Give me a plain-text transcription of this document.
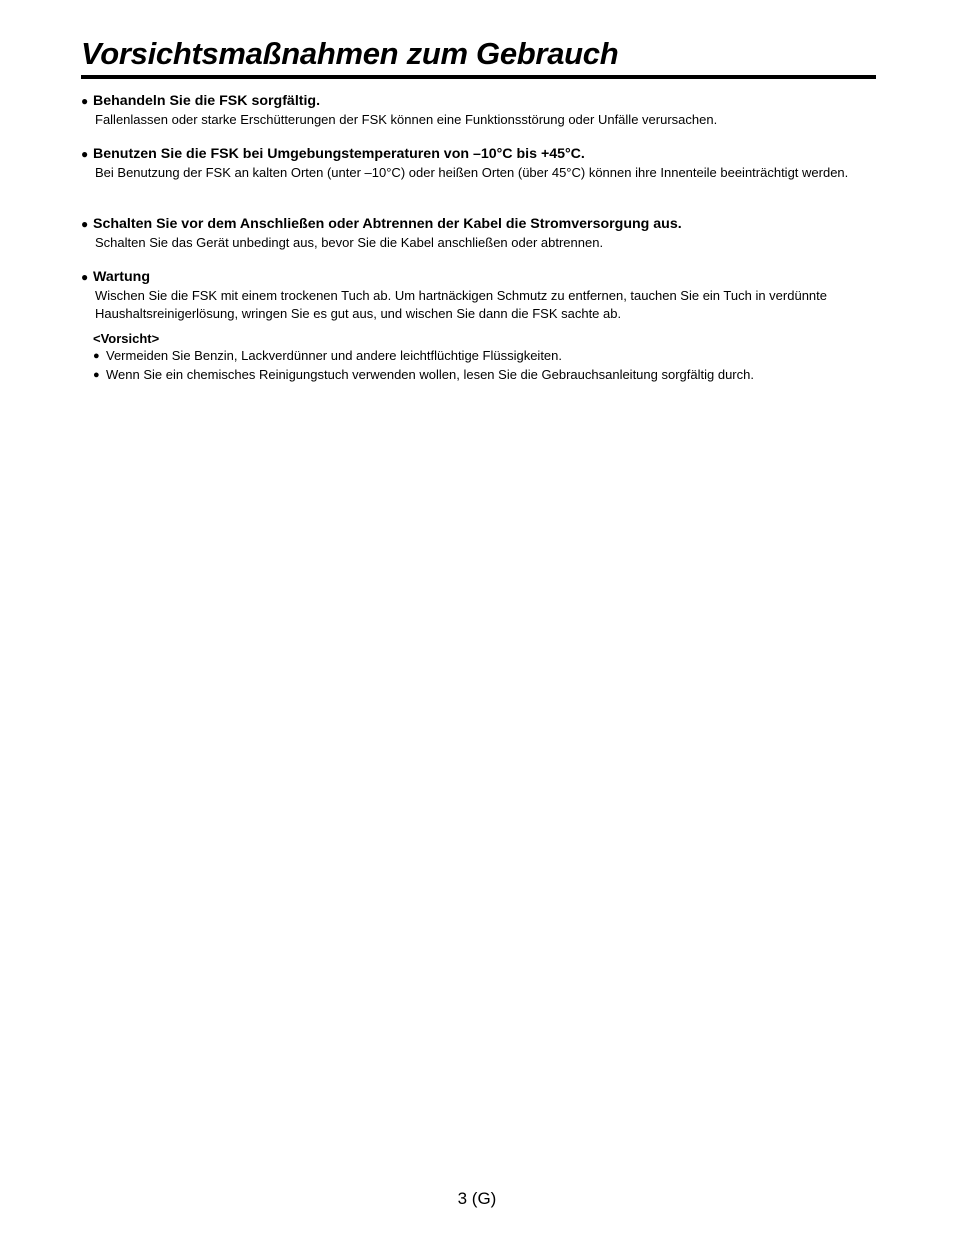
Vorsichtsmaßnahmen zum Gebrauch
● Behandeln Sie die FSK sorgfältig.
Fallenlassen oder starke Erschütterungen der FSK können eine Funktionsstörung oder Unfälle verursachen.
● Benutzen Sie die FSK bei Umgebungstemperaturen von –10°C bis +45°C.
Bei Benutzung der FSK an kalten Orten (unter –10°C) oder heißen Orten (über 45°C) können ihre Innenteile beeinträchtigt werden.
● Schalten Sie vor dem Anschließen oder Abtrennen der Kabel die Stromversorgung aus.
Schalten Sie das Gerät unbedingt aus, bevor Sie die Kabel anschließen oder abtrennen.
● Wartung
Wischen Sie die FSK mit einem trockenen Tuch ab. Um hartnäckigen Schmutz zu entfernen, tauchen Sie ein Tuch in verdünnte Haushaltsreinigerlösung, wringen Sie es gut aus, und wischen Sie dann die FSK sachte ab.
<Vorsicht>
● Vermeiden Sie Benzin, Lackverdünner und andere leichtflüchtige Flüssigkeiten.
● Wenn Sie ein chemisches Reinigungstuch verwenden wollen, lesen Sie die Gebrauchsanleitung sorgfältig durch.
3 (G)
